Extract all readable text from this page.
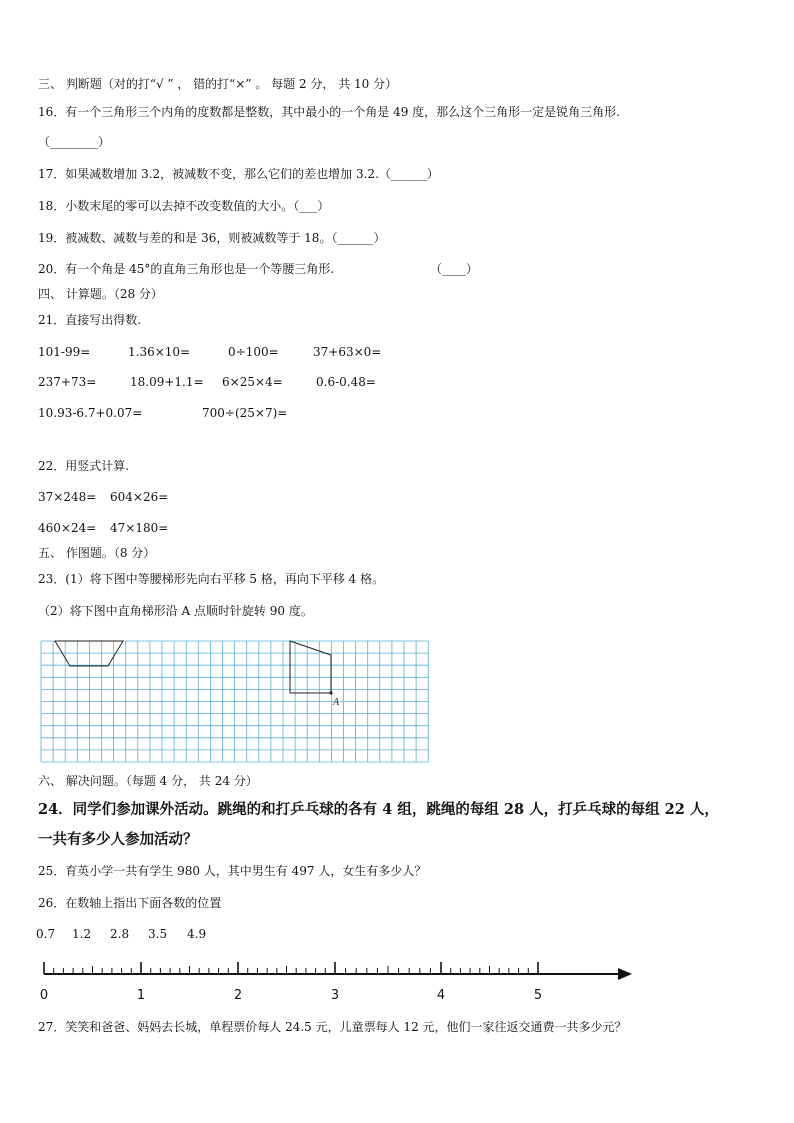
三、 判断题（对的打“√ ” ， 错的打“×” 。 每题 2 分， 共 10 分）
16．有一个三角形三个内角的度数都是整数，其中最小的一个角是 49 度，那么这个三角形一定是锐角三角形.
（________）
17．如果减数增加 3.2，被减数不变，那么它们的差也增加 3.2.（______）
18．小数末尾的零可以去掉不改变数值的大小。（___）
19．被减数、减数与差的和是 36，则被减数等于 18。（______）
20．有一个角是 45°的直角三角形也是一个等腰三角形.	（____）
四、 计算题。（28 分）
21．直接写出得数.
101-99=	1.36×10=	0÷100=	37+63×0=
237+73=	18.09+1.1= 6×25×4=	0.6-0.48=
10.93-6.7+0.07=	700÷(25×7)=
22．用竖式计算.
37×248= 604×26=
460×24= 47×180=
五、 作图题。（8 分）
23．(1）将下图中等腰梯形先向右平移 5 格，再向下平移 4 格。
（2）将下图中直角梯形沿 A 点顺时针旋转 90 度。
A
六、 解决问题。（每题 4 分， 共 24 分）
24．同学们参加课外活动。跳绳的和打乒乓球的各有 4 组，跳绳的每组 28 人，打乒乓球的每组 22 人，
一共有多少人参加活动？
25．育英小学一共有学生 980 人，其中男生有 497 人，女生有多少人？
26．在数轴上指出下面各数的位置
0.7 1.2 2.8 3.5 4.9
0	1	2	3	4	5
27．笑笑和爸爸、妈妈去长城，单程票价每人 24.5 元，儿童票每人 12 元，他们一家往返交通费一共多少元？
